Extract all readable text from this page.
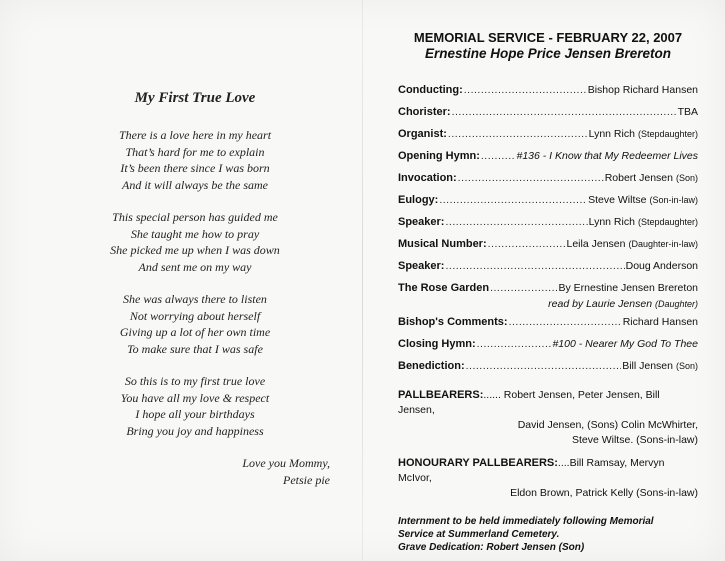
My First True Love
There is a love here in my heart
That’s hard for me to explain
It’s been there since I was born
And it will always be the same
This special person has guided me
She taught me how to pray
She picked me up when I was down
And sent me on my way
She was always there to listen
Not worrying about herself
Giving up a lot of her own time
To make sure that I was safe
So this is to my first true love
You have all my love & respect
I hope all your birthdays
Bring you joy and happiness
Love you Mommy,
Petsie pie
MEMORIAL SERVICE - FEBRUARY 22, 2007
Ernestine Hope Price Jensen Brereton
Conducting: .....	Bishop Richard Hansen
Chorister: .....	TBA
Organist: .....	Lynn Rich (Stepdaughter)
Opening Hymn: .....	#136 - I Know that My Redeemer Lives
Invocation: .....	Robert Jensen (Son)
Eulogy: .....	Steve Wiltse (Son-in-law)
Speaker: .....	Lynn Rich (Stepdaughter)
Musical Number: .....	Leila Jensen (Daughter-in-law)
Speaker: .....	Doug Anderson
The Rose Garden .....	By Ernestine Jensen Brereton
read by Laurie Jensen (Daughter)
Bishop's Comments: .....	Richard Hansen
Closing Hymn: .....	#100 - Nearer My God To Thee
Benediction: .....	Bill Jensen (Son)
PALLBEARERS:...... Robert Jensen, Peter Jensen, Bill Jensen,
David Jensen, (Sons) Colin McWhirter,
Steve Wiltse. (Sons-in-law)
HONOURARY PALLBEARERS:....Bill Ramsay, Mervyn McIvor,
Eldon Brown, Patrick Kelly (Sons-in-law)
Internment to be held immediately following Memorial
Service at Summerland Cemetery.
Grave Dedication: Robert Jensen (Son)
